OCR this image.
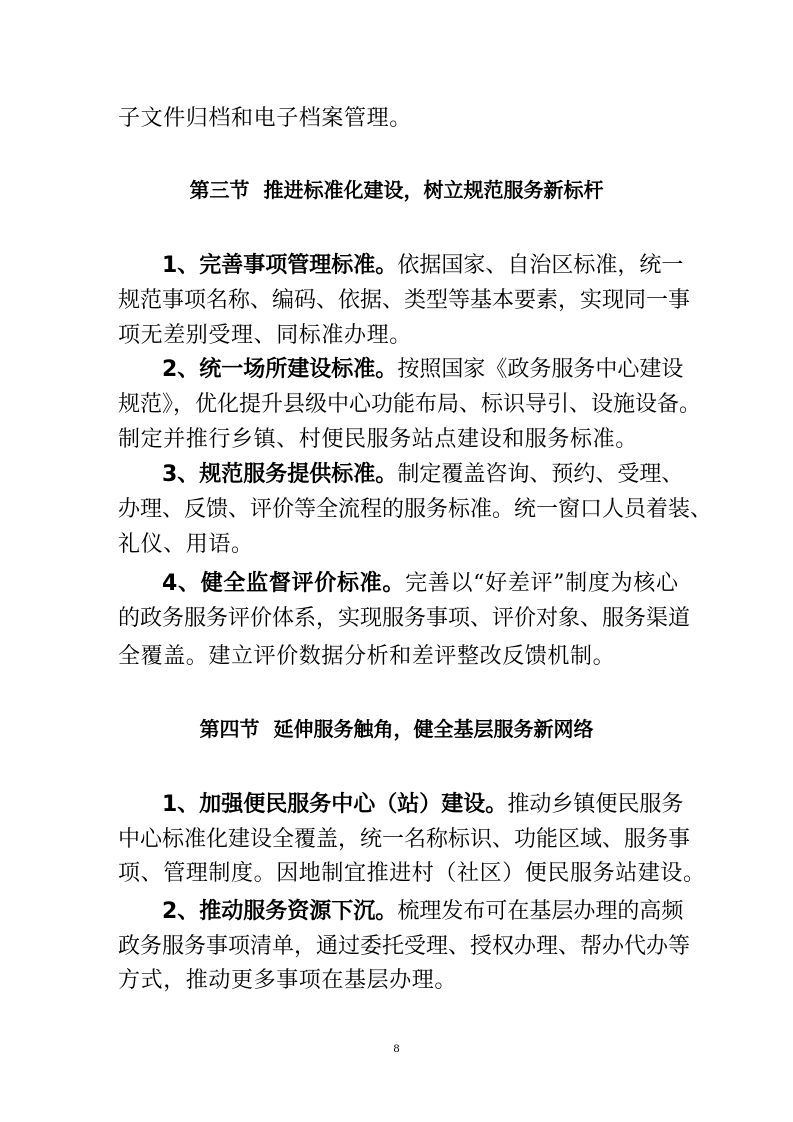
子文件归档和电子档案管理。
第三节  推进标准化建设，树立规范服务新标杆
1、完善事项管理标准。依据国家、自治区标准，统一
规范事项名称、编码、依据、类型等基本要素，实现同一事
项无差别受理、同标准办理。
2、统一场所建设标准。按照国家《政务服务中心建设
规范》，优化提升县级中心功能布局、标识导引、设施设备。
制定并推行乡镇、村便民服务站点建设和服务标准。
3、规范服务提供标准。制定覆盖咨询、预约、受理、
办理、反馈、评价等全流程的服务标准。统一窗口人员着装、
礼仪、用语。
4、健全监督评价标准。完善以“好差评”制度为核心
的政务服务评价体系，实现服务事项、评价对象、服务渠道
全覆盖。建立评价数据分析和差评整改反馈机制。
第四节  延伸服务触角，健全基层服务新网络
1、加强便民服务中心（站）建设。推动乡镇便民服务
中心标准化建设全覆盖，统一名称标识、功能区域、服务事
项、管理制度。因地制宜推进村（社区）便民服务站建设。
2、推动服务资源下沉。梳理发布可在基层办理的高频
政务服务事项清单，通过委托受理、授权办理、帮办代办等
方式，推动更多事项在基层办理。
8
